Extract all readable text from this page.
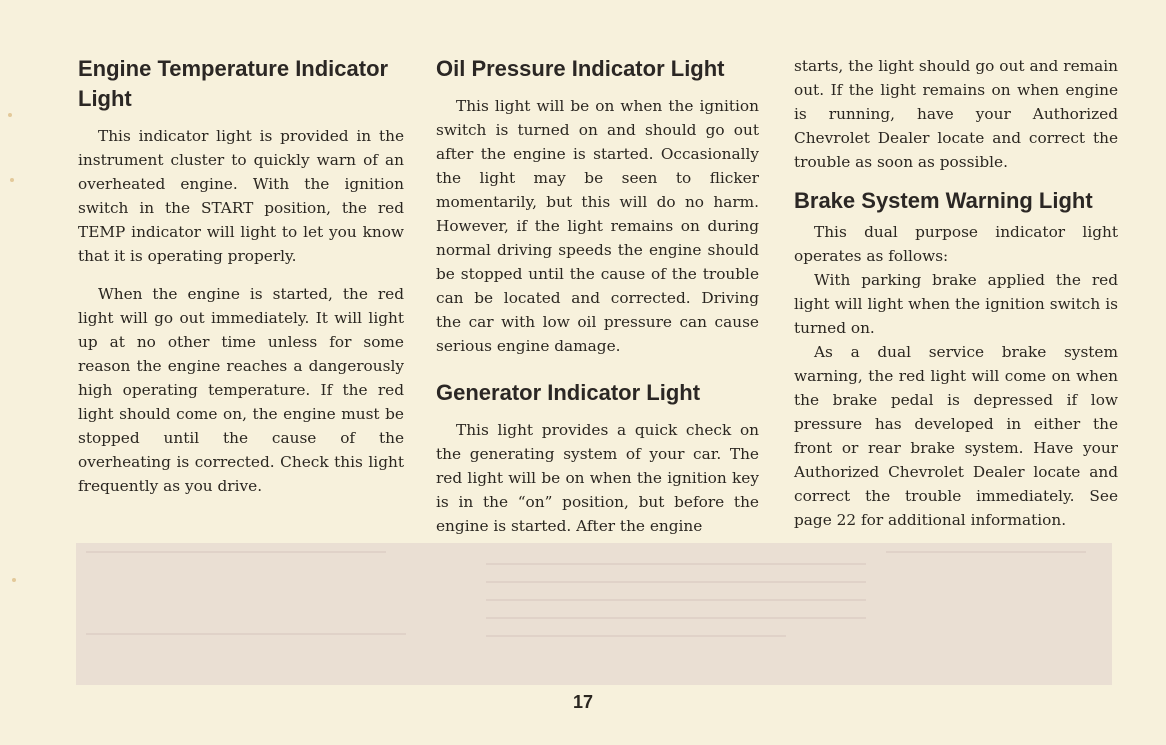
Engine Temperature Indicator Light

This indicator light is provided in the instrument cluster to quickly warn of an overheated engine. With the ignition switch in the START position, the red TEMP indicator will light to let you know that it is operating properly.

When the engine is started, the red light will go out immediately. It will light up at no other time unless for some reason the engine reaches a dangerously high operating temperature. If the red light should come on, the engine must be stopped until the cause of the overheating is corrected. Check this light frequently as you drive.

Oil Pressure Indicator Light

This light will be on when the ignition switch is turned on and should go out after the engine is started. Occasionally the light may be seen to flicker momentarily, but this will do no harm. However, if the light remains on during normal driving speeds the engine should be stopped until the cause of the trouble can be located and corrected. Driving the car with low oil pressure can cause serious engine damage.

Generator Indicator Light

This light provides a quick check on the generating system of your car. The red light will be on when the ignition key is in the “on” position, but before the engine is started. After the engine

starts, the light should go out and remain out. If the light remains on when engine is running, have your Authorized Chevrolet Dealer locate and correct the trouble as soon as possible.

Brake System Warning Light

This dual purpose indicator light operates as follows:

With parking brake applied the red light will light when the ignition switch is turned on.

As a dual service brake system warning, the red light will come on when the brake pedal is depressed if low pressure has developed in either the front or rear brake system. Have your Authorized Chevrolet Dealer locate and correct the trouble immediately. See page 22 for additional information.

17
